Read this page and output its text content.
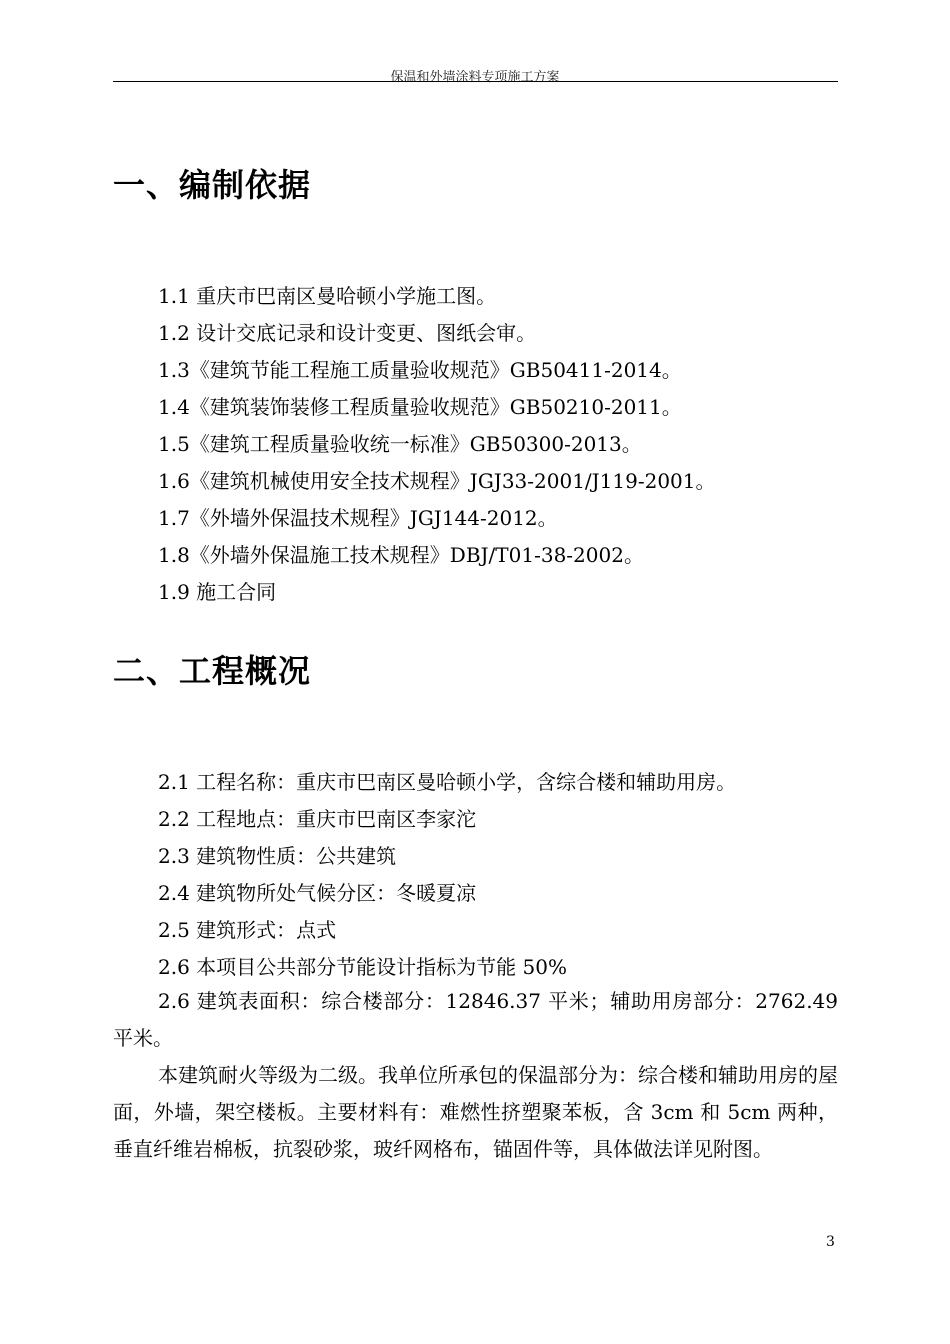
保温和外墙涂料专项施工方案
一、编制依据
1.1 重庆市巴南区曼哈顿小学施工图。
1.2 设计交底记录和设计变更、图纸会审。
1.3《建筑节能工程施工质量验收规范》GB50411-2014。
1.4《建筑装饰装修工程质量验收规范》GB50210-2011。
1.5《建筑工程质量验收统一标准》GB50300-2013。
1.6《建筑机械使用安全技术规程》JGJ33-2001/J119-2001。
1.7《外墙外保温技术规程》JGJ144-2012。
1.8《外墙外保温施工技术规程》DBJ/T01-38-2002。
1.9 施工合同
二、工程概况
2.1 工程名称：重庆市巴南区曼哈顿小学，含综合楼和辅助用房。
2.2 工程地点：重庆市巴南区李家沱
2.3 建筑物性质：公共建筑
2.4 建筑物所处气候分区：冬暖夏凉
2.5 建筑形式：点式
2.6 本项目公共部分节能设计指标为节能 50%
2.6 建筑表面积：综合楼部分：12846.37 平米；辅助用房部分：2762.49 平米。
本建筑耐火等级为二级。我单位所承包的保温部分为：综合楼和辅助用房的屋面，外墙，架空楼板。主要材料有：难燃性挤塑聚苯板，含 3cm 和 5cm 两种，垂直纤维岩棉板，抗裂砂浆，玻纤网格布，锚固件等，具体做法详见附图。
3
